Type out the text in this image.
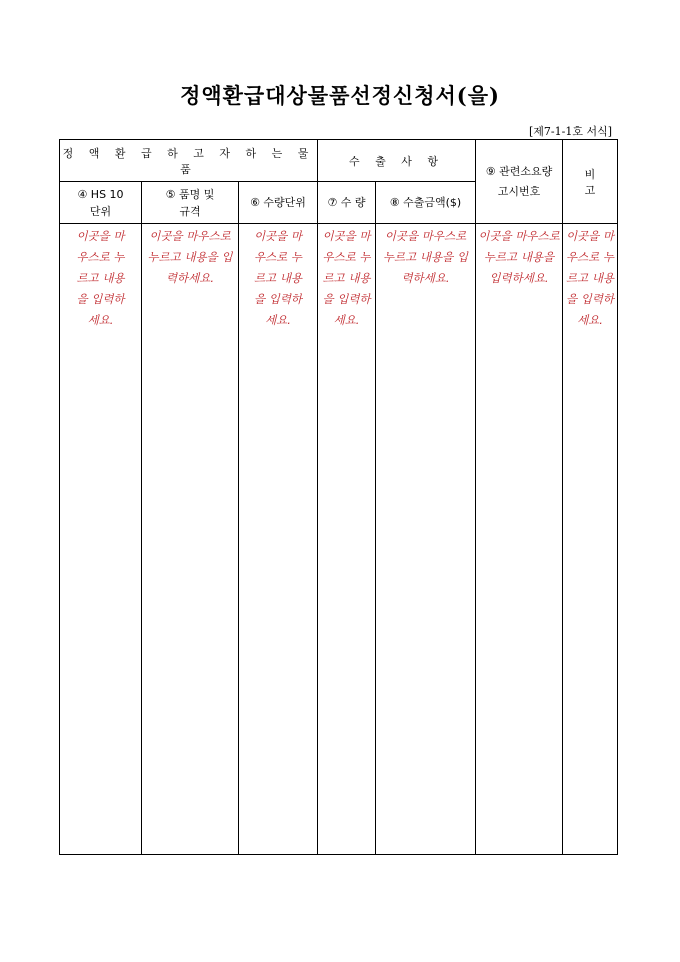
정액환급대상물품선정신청서(을)
[제7-1-1호 서식]
정 액 환 급 하 고 자 하 는 물 품			수 출 사 항		⑨ 관련소요량 고시번호	비 고
④ HS 10단위	⑤ 품명 및 규격	⑥ 수량단위	⑦ 수 량	⑧ 수출금액($)		

이곳을 마우스로 누르고 내용을 입력하세요.	이곳을 마우스로 누르고 내용을 입력하세요.	이곳을 마우스로 누르고 내용을 입력하세요.	이곳을 마우스로 누르고 내용을 입력하세요.	이곳을 마우스로 누르고 내용을 입력하세요.	이곳을 마우스로 누르고 내용을 입력하세요.	이곳을 마우스로 누르고 내용을 입력하세요.
